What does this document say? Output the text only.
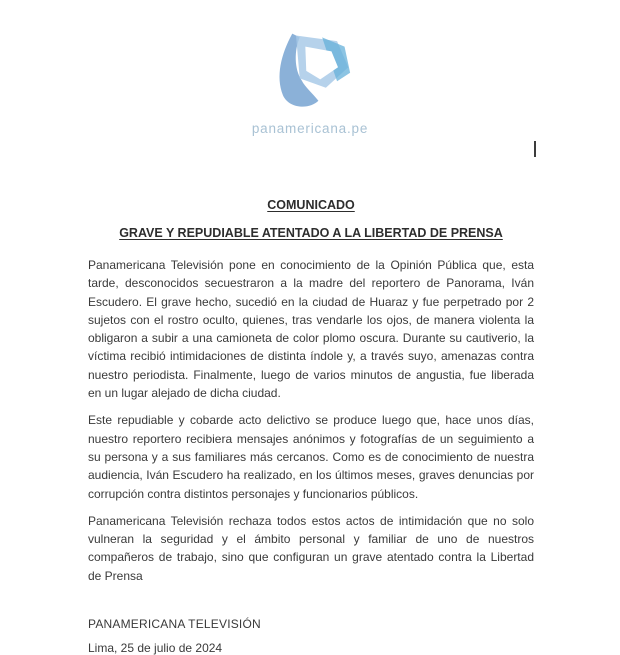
panamericana.pe
COMUNICADO
GRAVE Y REPUDIABLE ATENTADO A LA LIBERTAD DE PRENSA

Panamericana Televisión pone en conocimiento de la Opinión Pública que, esta tarde, desconocidos secuestraron a la madre del reportero de Panorama, Iván Escudero. El grave hecho, sucedió en la ciudad de Huaraz y fue perpetrado por 2 sujetos con el rostro oculto, quienes, tras vendarle los ojos, de manera violenta la obligaron a subir a una camioneta de color plomo oscura. Durante su cautiverio, la víctima recibió intimidaciones de distinta índole y, a través suyo, amenazas contra nuestro periodista. Finalmente, luego de varios minutos de angustia, fue liberada en un lugar alejado de dicha ciudad.

Este repudiable y cobarde acto delictivo se produce luego que, hace unos días, nuestro reportero recibiera mensajes anónimos y fotografías de un seguimiento a su persona y a sus familiares más cercanos. Como es de conocimiento de nuestra audiencia, Iván Escudero ha realizado, en los últimos meses, graves denuncias por corrupción contra distintos personajes y funcionarios públicos.

Panamericana Televisión rechaza todos estos actos de intimidación que no solo vulneran la seguridad y el ámbito personal y familiar de uno de nuestros compañeros de trabajo, sino que configuran un grave atentado contra la Libertad de Prensa

PANAMERICANA TELEVISIÓN
Lima, 25 de julio de 2024
